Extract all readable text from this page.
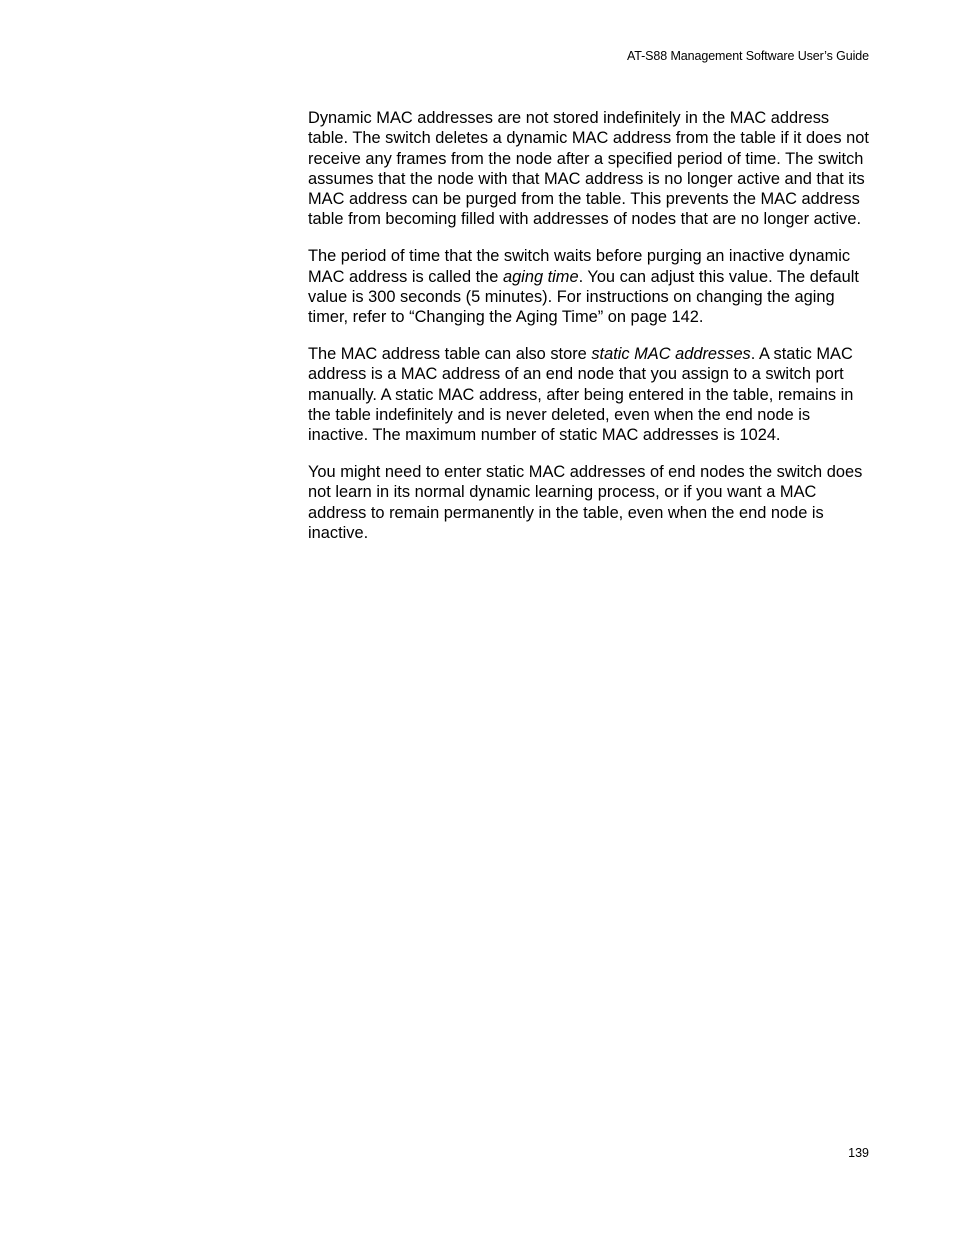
AT-S88 Management Software User’s Guide

Dynamic MAC addresses are not stored indefinitely in the MAC address table. The switch deletes a dynamic MAC address from the table if it does not receive any frames from the node after a specified period of time. The switch assumes that the node with that MAC address is no longer active and that its MAC address can be purged from the table. This prevents the MAC address table from becoming filled with addresses of nodes that are no longer active.

The period of time that the switch waits before purging an inactive dynamic MAC address is called the aging time. You can adjust this value. The default value is 300 seconds (5 minutes). For instructions on changing the aging timer, refer to “Changing the Aging Time” on page 142.

The MAC address table can also store static MAC addresses. A static MAC address is a MAC address of an end node that you assign to a switch port manually. A static MAC address, after being entered in the table, remains in the table indefinitely and is never deleted, even when the end node is inactive. The maximum number of static MAC addresses is 1024.

You might need to enter static MAC addresses of end nodes the switch does not learn in its normal dynamic learning process, or if you want a MAC address to remain permanently in the table, even when the end node is inactive.

139
